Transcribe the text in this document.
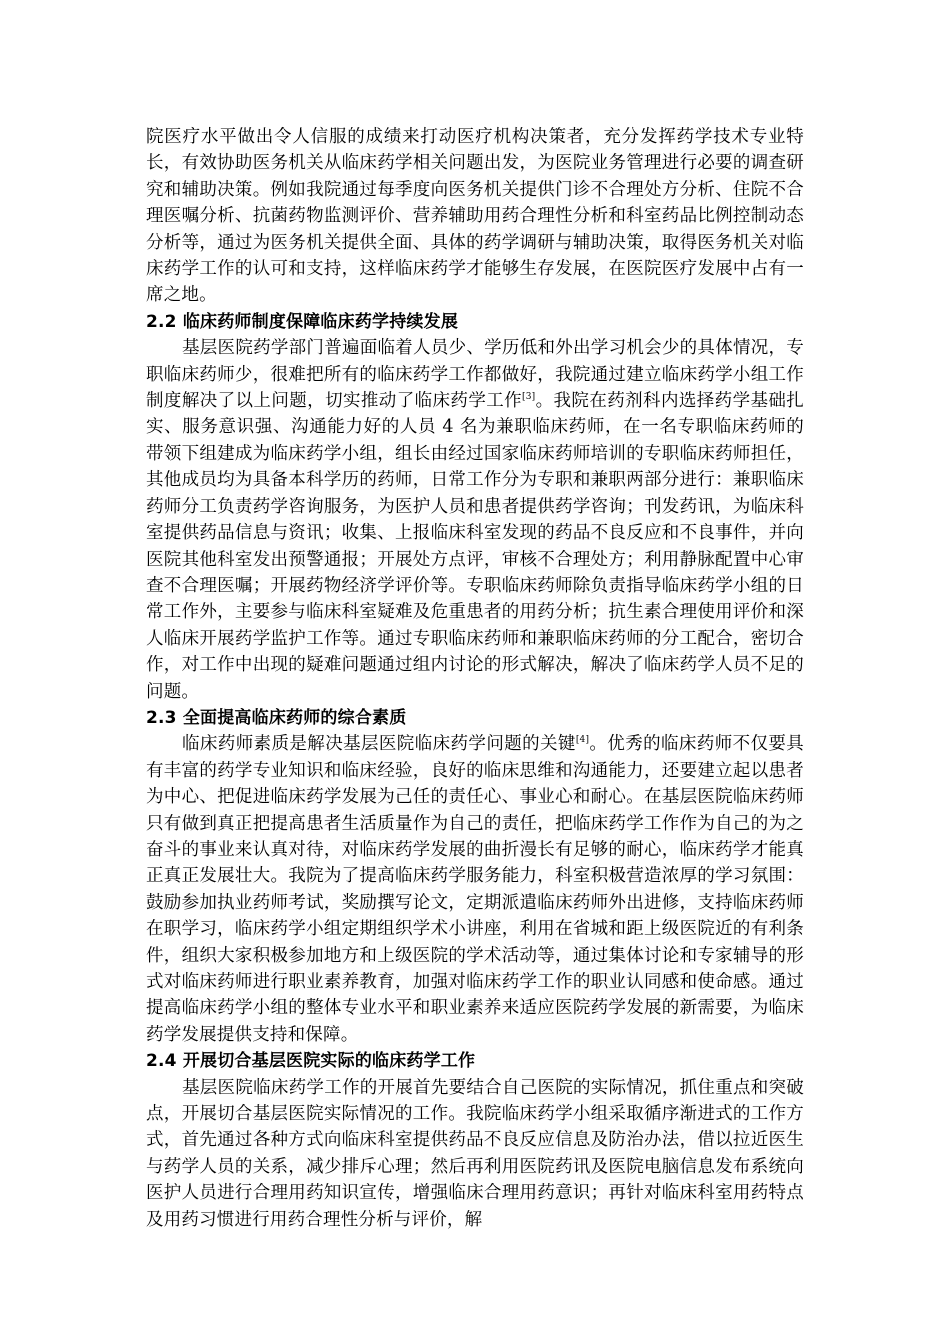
院医疗水平做出令人信服的成绩来打动医疗机构决策者，充分发挥药学技术专业特长，有效协助医务机关从临床药学相关问题出发，为医院业务管理进行必要的调查研究和辅助决策。例如我院通过每季度向医务机关提供门诊不合理处方分析、住院不合理医嘱分析、抗菌药物监测评价、营养辅助用药合理性分析和科室药品比例控制动态分析等，通过为医务机关提供全面、具体的药学调研与辅助决策，取得医务机关对临床药学工作的认可和支持，这样临床药学才能够生存发展，在医院医疗发展中占有一席之地。

2.2 临床药师制度保障临床药学持续发展

基层医院药学部门普遍面临着人员少、学历低和外出学习机会少的具体情况，专职临床药师少，很难把所有的临床药学工作都做好，我院通过建立临床药学小组工作制度解决了以上问题，切实推动了临床药学工作[3]。我院在药剂科内选择药学基础扎实、服务意识强、沟通能力好的人员 4 名为兼职临床药师，在一名专职临床药师的带领下组建成为临床药学小组，组长由经过国家临床药师培训的专职临床药师担任，其他成员均为具备本科学历的药师，日常工作分为专职和兼职两部分进行：兼职临床药师分工负责药学咨询服务，为医护人员和患者提供药学咨询；刊发药讯，为临床科室提供药品信息与资讯；收集、上报临床科室发现的药品不良反应和不良事件，并向医院其他科室发出预警通报；开展处方点评，审核不合理处方；利用静脉配置中心审查不合理医嘱；开展药物经济学评价等。专职临床药师除负责指导临床药学小组的日常工作外，主要参与临床科室疑难及危重患者的用药分析；抗生素合理使用评价和深人临床开展药学监护工作等。通过专职临床药师和兼职临床药师的分工配合，密切合作，对工作中出现的疑难问题通过组内讨论的形式解决，解决了临床药学人员不足的问题。

2.3 全面提高临床药师的综合素质

临床药师素质是解决基层医院临床药学问题的关键[4]。优秀的临床药师不仅要具有丰富的药学专业知识和临床经验，良好的临床思维和沟通能力，还要建立起以患者为中心、把促进临床药学发展为己任的责任心、事业心和耐心。在基层医院临床药师只有做到真正把提高患者生活质量作为自己的责任，把临床药学工作作为自己的为之奋斗的事业来认真对待，对临床药学发展的曲折漫长有足够的耐心，临床药学才能真正真正发展壮大。我院为了提高临床药学服务能力，科室积极营造浓厚的学习氛围：鼓励参加执业药师考试，奖励撰写论文，定期派遣临床药师外出进修，支持临床药师在职学习，临床药学小组定期组织学术小讲座，利用在省城和距上级医院近的有利条件，组织大家积极参加地方和上级医院的学术活动等，通过集体讨论和专家辅导的形式对临床药师进行职业素养教育，加强对临床药学工作的职业认同感和使命感。通过提高临床药学小组的整体专业水平和职业素养来适应医院药学发展的新需要，为临床药学发展提供支持和保障。

2.4 开展切合基层医院实际的临床药学工作

基层医院临床药学工作的开展首先要结合自己医院的实际情况，抓住重点和突破点，开展切合基层医院实际情况的工作。我院临床药学小组采取循序渐进式的工作方式，首先通过各种方式向临床科室提供药品不良反应信息及防治办法，借以拉近医生与药学人员的关系，减少排斥心理；然后再利用医院药讯及医院电脑信息发布系统向医护人员进行合理用药知识宣传，增强临床合理用药意识；再针对临床科室用药特点及用药习惯进行用药合理性分析与评价，解
